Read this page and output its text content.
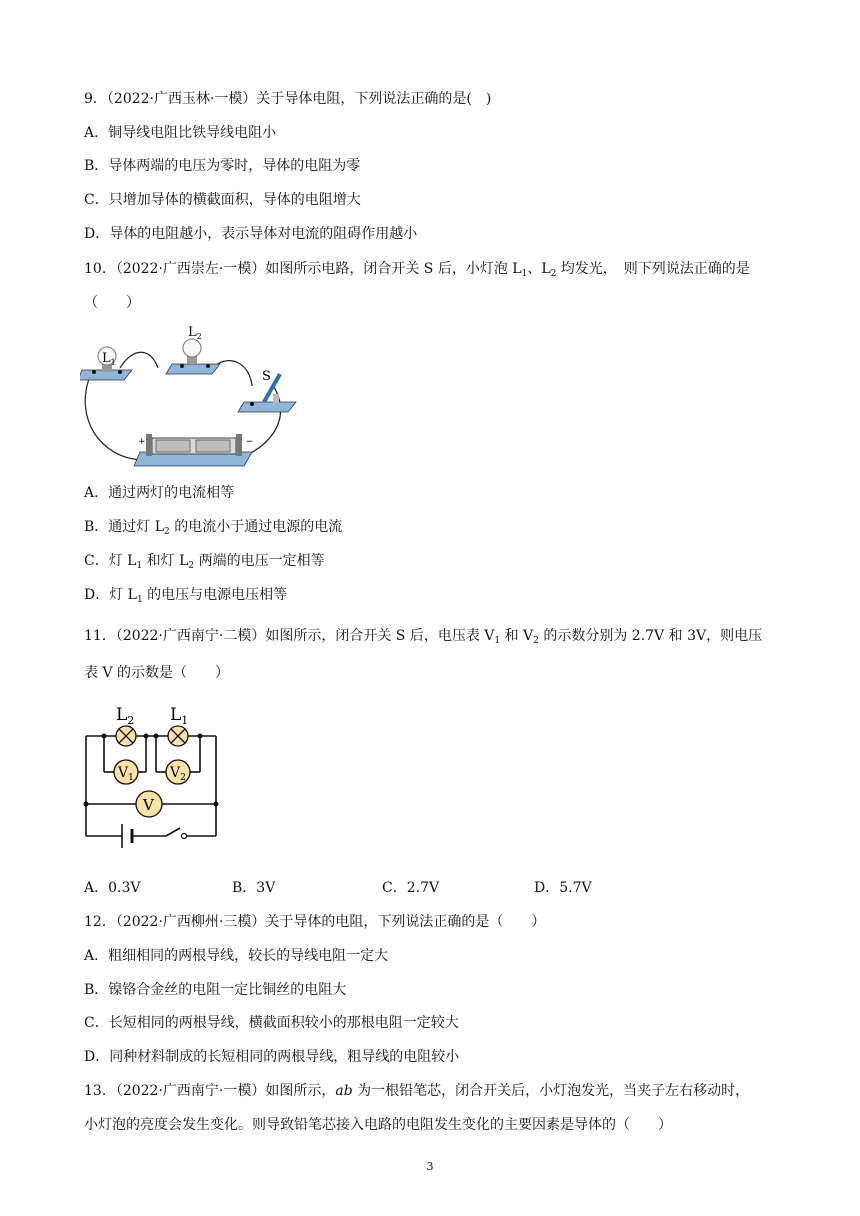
9．（2022·广西玉林·一模）关于导体电阻，下列说法正确的是(　)
A．铜导线电阻比铁导线电阻小
B．导体两端的电压为零时，导体的电阻为零
C．只增加导体的横截面积，导体的电阻增大
D．导体的电阻越小，表示导体对电流的阻碍作用越小
10．（2022·广西崇左·一模）如图所示电路，闭合开关 S 后，小灯泡 $L_1$、$L_2$ 均发光，　则下列说法正确的是
（　　）
$L_1$
$L_2$
S
+	−
A．通过两灯的电流相等
B．通过灯 $L_2$ 的电流小于通过电源的电流
C．灯 $L_1$ 和灯 $L_2$ 两端的电压一定相等
D．灯 $L_1$ 的电压与电源电压相等
11．（2022·广西南宁·二模）如图所示，闭合开关 S 后，电压表 $V_1$ 和 $V_2$ 的示数分别为 2.7V 和 3V，则电压
表 V 的示数是（　　）
$L_2$ $L_1$
$V_1$	$V_2$
V
A．0.3V	B．3V	C．2.7V	D．5.7V
12．（2022·广西柳州·三模）关于导体的电阻，下列说法正确的是（　　）
A．粗细相同的两根导线，较长的导线电阻一定大
B．镍铬合金丝的电阻一定比铜丝的电阻大
C．长短相同的两根导线，横截面积较小的那根电阻一定较大
D．同种材料制成的长短相同的两根导线，粗导线的电阻较小
13．（2022·广西南宁·一模）如图所示，ab 为一根铅笔芯，闭合开关后，小灯泡发光，当夹子左右移动时，
小灯泡的亮度会发生变化。则导致铅笔芯接入电路的电阻发生变化的主要因素是导体的（　　）
3
